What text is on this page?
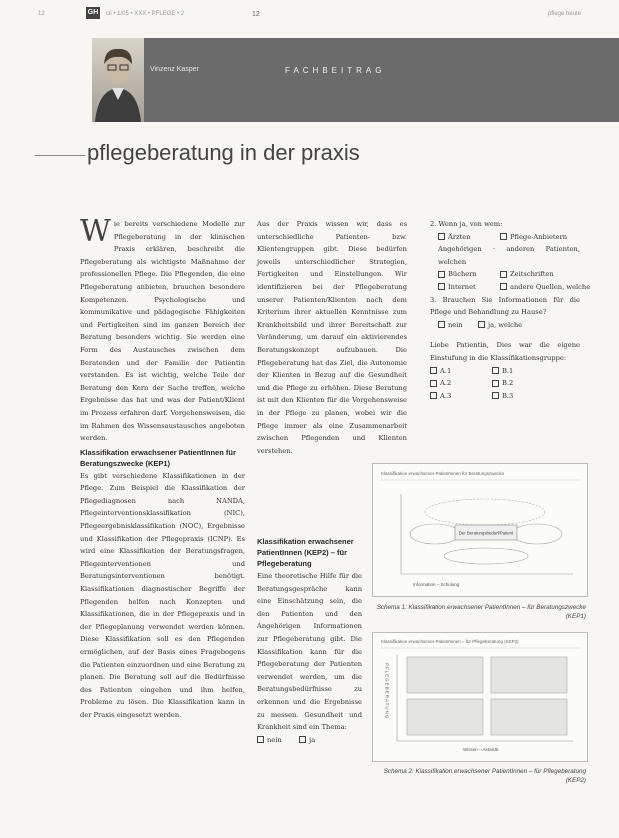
12	GH cli • 1/05 • XXX • PFLEGE • 2	12	pflege heute
Vinzenz Kasper	FACHBEITRAG
pflegeberatung in der praxis

Wie bereits verschiedene Modelle zur Pflegeberatung in der klinischen Praxis erklären, beschreibt die Pflegeberatung als wichtigste Maßnahme der professionellen Pflege. Die Pflegenden, die eine Pflegeberatung anbieten, brauchen besondere Kompetenzen. Psychologische und kommunikative und pädagogische Fähigkeiten und Fertigkeiten sind im ganzen Bereich der Beratung besonders wichtig. Sie werden eine Form des Austausches zwischen dem Beratenden und der Familie der Patientin verstanden. Es ist wichtig, welche Teile der Beratung den Kern der Sache treffen, welche Ergebnisse das hat und was der Patient/Klient im Prozess erfahren darf. Vorgehensweisen, die im Rahmen des Wissensaustausches angeboten werden.

Klassifikation erwachsener PatientInnen für Beratungszwecke (KEP1)

Es gibt verschiedene Klassifikationen in der Pflege. Zum Beispiel die Klassifikation der Pflegediagnosen nach NANDA, Pflegeinterventionsklassifikation (NIC), Pflegeergebnisklassifikation (NOC), Ergebnisse und Klassifikation der Pflegepraxis (ICNP). Es wird eine Klassifikation der Beratungsfragen, Pflegeinterventionen und Beratungsinterventionen benötigt. Klassifikationen diagnostischer Begriffe der Pflegenden helfen nach Konzepten und Klassifikationen, die in der Pflegepraxis und in der Pflegeplanung verwendet werden können. Diese Klassifikation soll es den Pflegenden ermöglichen, auf der Basis eines Fragebogens die Patienten einzuordnen und eine Beratung zu planen. Die Beratung soll auf die Bedürfnisse des Patienten eingehen und ihm helfen, Probleme zu lösen. Die Klassifikation kann in der Praxis eingesetzt werden.

Aus der Praxis wissen wir, dass es unterschiedliche Patienten- bzw. Klientengruppen gibt. Diese bedürfen jeweils unterschiedlicher Strategien, Fertigkeiten und Einstellungen. Wir identifizieren bei der Pflegeberatung unserer Patienten/Klienten nach dem Kriterium ihrer aktuellen Kenntnisse zum Krankheitsbild und ihrer Bereitschaft zur Veränderung, um darauf ein aktivierendes Beratungskonzept aufzubauen. Die Pflegeberatung hat das Ziel, die Autonomie der Klienten in Bezug auf die Gesundheit und die Pflege zu erhöhen. Diese Beratung ist mit den Klienten für die Vorgehensweise in der Pflege zu planen, wobei wir die Pflege immer als eine Zusammenarbeit zwischen Pflegenden und Klienten verstehen.

Klassifikation erwachsener PatientInnen (KEP2) – für Pflegeberatung

Eine theoretische Hilfe für die Beratungsgespräche kann eine Einschätzung sein, die den Patienten und den Angehörigen Informationen zur Pflegeberatung gibt. Die Klassifikation kann für die Pflegeberatung der Patienten verwendet werden, um die Beratungsbedürfnisse zu erkennen und die Ergebnisse zu messen. Gesundheit und Krankheit sind ein Thema:

nein	ja

2. Wenn ja, von wem:

Ärzten	Pflege-Anbietern
Angehörigen · anderen Patienten, welchen
Büchern	Zeitschriften
Internet	andere Quellen, welche

3. Brauchen Sie Informationen für die Pflege und Behandlung zu Hause?

nein	ja, welche

Liebe Patientin, Dies war die eigene Einstufung in die Klassifikationsgruppe:

A.1	B.1
A.2	B.2
A.3	B.3

Klassifikation erwachsener PatientInnen für Beratungszwecke
Der Beratungsbedarf/Patient
Information – Schulung
Schema 1: Klassifikation erwachsener PatientInnen – für Beratungszwecke (KEP1)
Klassifikation erwachsener PatientInnen – für Pflegeberatung (KEP2)
PFLEGEBERATUNG
Wissen – Aktivität
Schema 2: Klassifikation erwachsener PatientInnen – für Pflegeberatung (KEP2)
